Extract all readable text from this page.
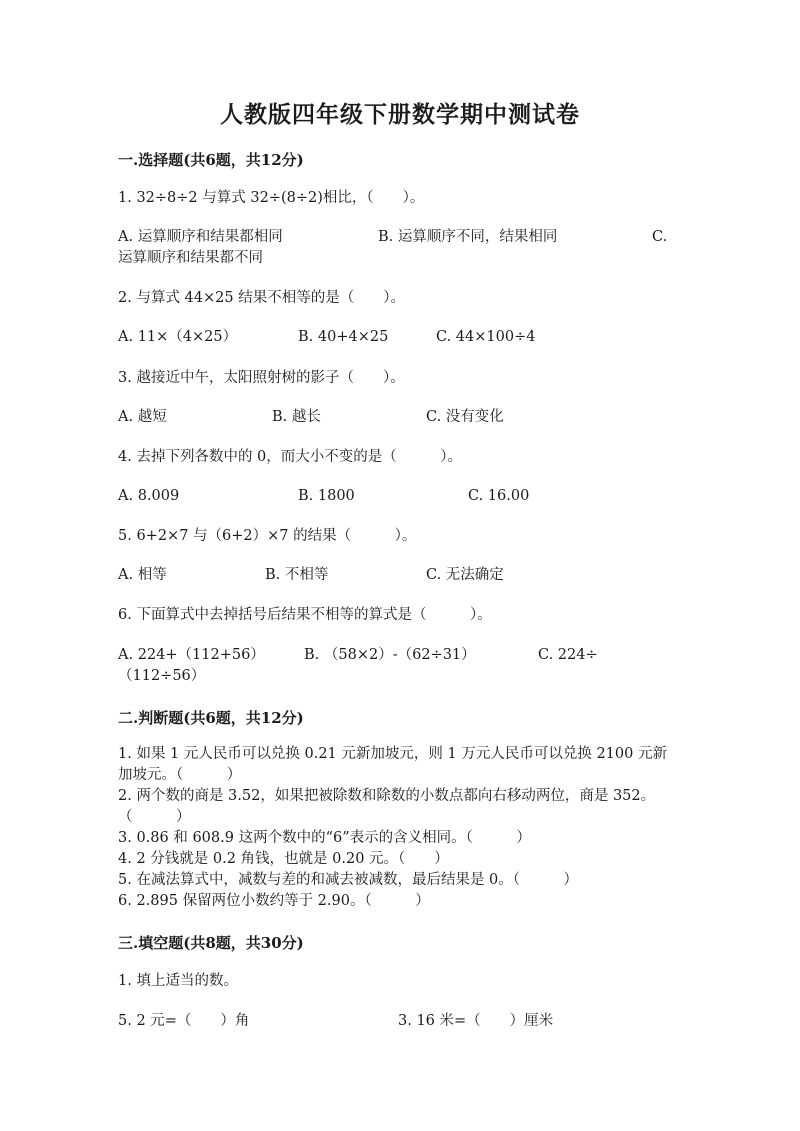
人教版四年级下册数学期中测试卷
一.选择题(共6题，共12分)
1. 32÷8÷2 与算式 32÷(8÷2)相比，（　　）。
A. 运算顺序和结果都相同	B. 运算顺序不同，结果相同	C.
运算顺序和结果都不同
2. 与算式 44×25 结果不相等的是（　　）。
A. 11×（4×25）	B. 40+4×25	C. 44×100÷4
3. 越接近中午，太阳照射树的影子（　　）。
A. 越短	B. 越长	C. 没有变化
4. 去掉下列各数中的 0，而大小不变的是（　　　）。
A. 8.009	B. 1800	C. 16.00
5. 6+2×7 与（6+2）×7 的结果（　　　）。
A. 相等	B. 不相等	C. 无法确定
6. 下面算式中去掉括号后结果不相等的算式是（　　　）。
A. 224+（112+56）	B. （58×2）-（62÷31）	C. 224÷
（112÷56）
二.判断题(共6题，共12分)
1. 如果 1 元人民币可以兑换 0.21 元新加坡元，则 1 万元人民币可以兑换 2100 元新加坡元。（　　　）
2. 两个数的商是 3.52，如果把被除数和除数的小数点都向右移动两位，商是 352。（　　　）
3. 0.86 和 608.9 这两个数中的“6”表示的含义相同。（　　　）
4. 2 分钱就是 0.2 角钱，也就是 0.20 元。（　　）
5. 在减法算式中，减数与差的和减去被减数，最后结果是 0。（　　　）
6. 2.895 保留两位小数约等于 2.90。（　　　）
三.填空题(共8题，共30分)
1. 填上适当的数。
5. 2 元=（　　）角	3. 16 米=（　　）厘米
